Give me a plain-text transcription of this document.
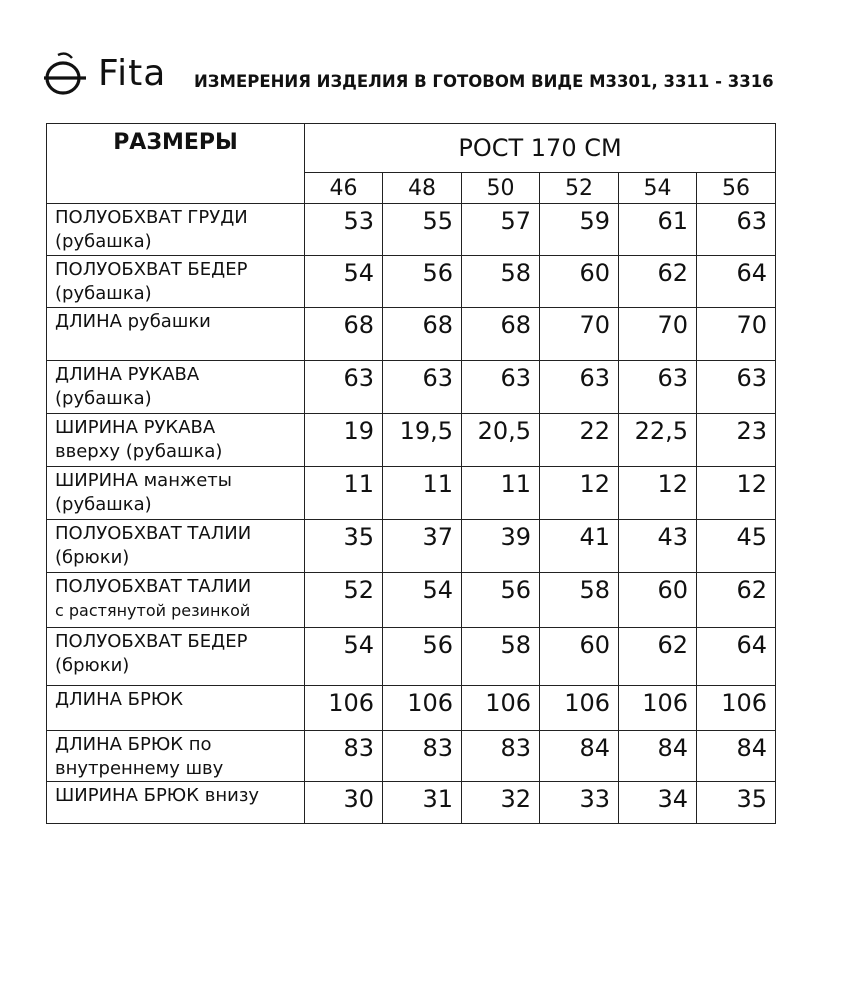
Fita ИЗМЕРЕНИЯ ИЗДЕЛИЯ В ГОТОВОМ ВИДЕ М3301, 3311 - 3316
РАЗМЕРЫ	РОСТ 170 СМ					
	46	48	50	52	54	56

ПОЛУОБХВАТ ГРУДИ
(рубашка)	53	55	57	59	61	63

ПОЛУОБХВАТ БЕДЕР
(рубашка)	54	56	58	60	62	64

ДЛИНА рубашки	68	68	68	70	70	70

ДЛИНА РУКАВА
(рубашка)	63	63	63	63	63	63

ШИРИНА РУКАВА
вверху (рубашка)	19	19,5	20,5	22	22,5	23

ШИРИНА манжеты
(рубашка)	11	11	11	12	12	12

ПОЛУОБХВАТ ТАЛИИ
(брюки)	35	37	39	41	43	45

ПОЛУОБХВАТ ТАЛИИ
с растянутой резинкой	52	54	56	58	60	62

ПОЛУОБХВАТ БЕДЕР
(брюки)	54	56	58	60	62	64

ДЛИНА БРЮК	106	106	106	106	106	106

ДЛИНА БРЮК по
внутреннему шву	83	83	83	84	84	84

ШИРИНА БРЮК внизу	30	31	32	33	34	35
